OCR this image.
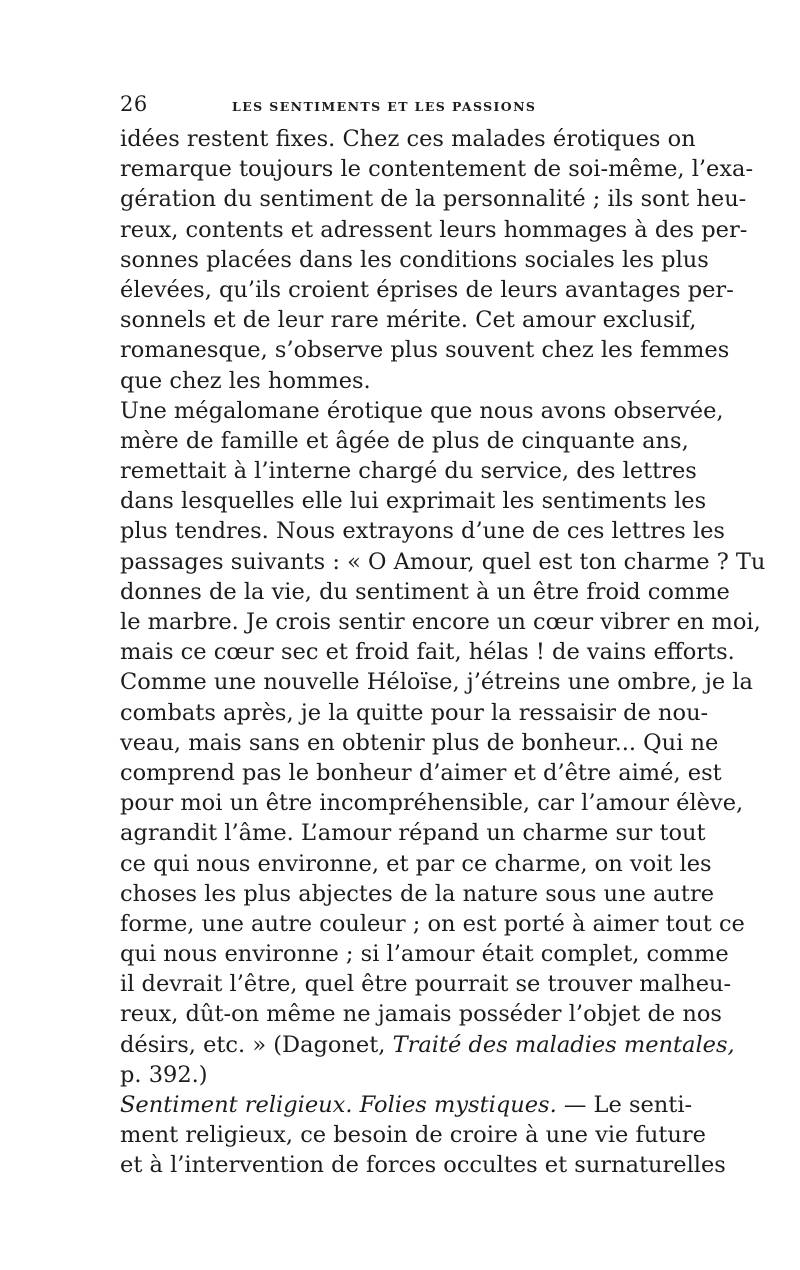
26	LES SENTIMENTS ET LES PASSIONS
idées restent fixes. Chez ces malades érotiques on
remarque toujours le contentement de soi-même, l’exa-
gération du sentiment de la personnalité ; ils sont heu-
reux, contents et adressent leurs hommages à des per-
sonnes placées dans les conditions sociales les plus
élevées, qu’ils croient éprises de leurs avantages per-
sonnels et de leur rare mérite. Cet amour exclusif,
romanesque, s’observe plus souvent chez les femmes
que chez les hommes.
Une mégalomane érotique que nous avons observée,
mère de famille et âgée de plus de cinquante ans,
remettait à l’interne chargé du service, des lettres
dans lesquelles elle lui exprimait les sentiments les
plus tendres. Nous extrayons d’une de ces lettres les
passages suivants : « O Amour, quel est ton charme ? Tu
donnes de la vie, du sentiment à un être froid comme
le marbre. Je crois sentir encore un cœur vibrer en moi,
mais ce cœur sec et froid fait, hélas ! de vains efforts.
Comme une nouvelle Héloïse, j’étreins une ombre, je la
combats après, je la quitte pour la ressaisir de nou-
veau, mais sans en obtenir plus de bonheur... Qui ne
comprend pas le bonheur d’aimer et d’être aimé, est
pour moi un être incompréhensible, car l’amour élève,
agrandit l’âme. L’amour répand un charme sur tout
ce qui nous environne, et par ce charme, on voit les
choses les plus abjectes de la nature sous une autre
forme, une autre couleur ; on est porté à aimer tout ce
qui nous environne ; si l’amour était complet, comme
il devrait l’être, quel être pourrait se trouver malheu-
reux, dût-on même ne jamais posséder l’objet de nos
désirs, etc. » (Dagonet, Traité des maladies mentales,
p. 392.)
Sentiment religieux. Folies mystiques. — Le senti-
ment religieux, ce besoin de croire à une vie future
et à l’intervention de forces occultes et surnaturelles
